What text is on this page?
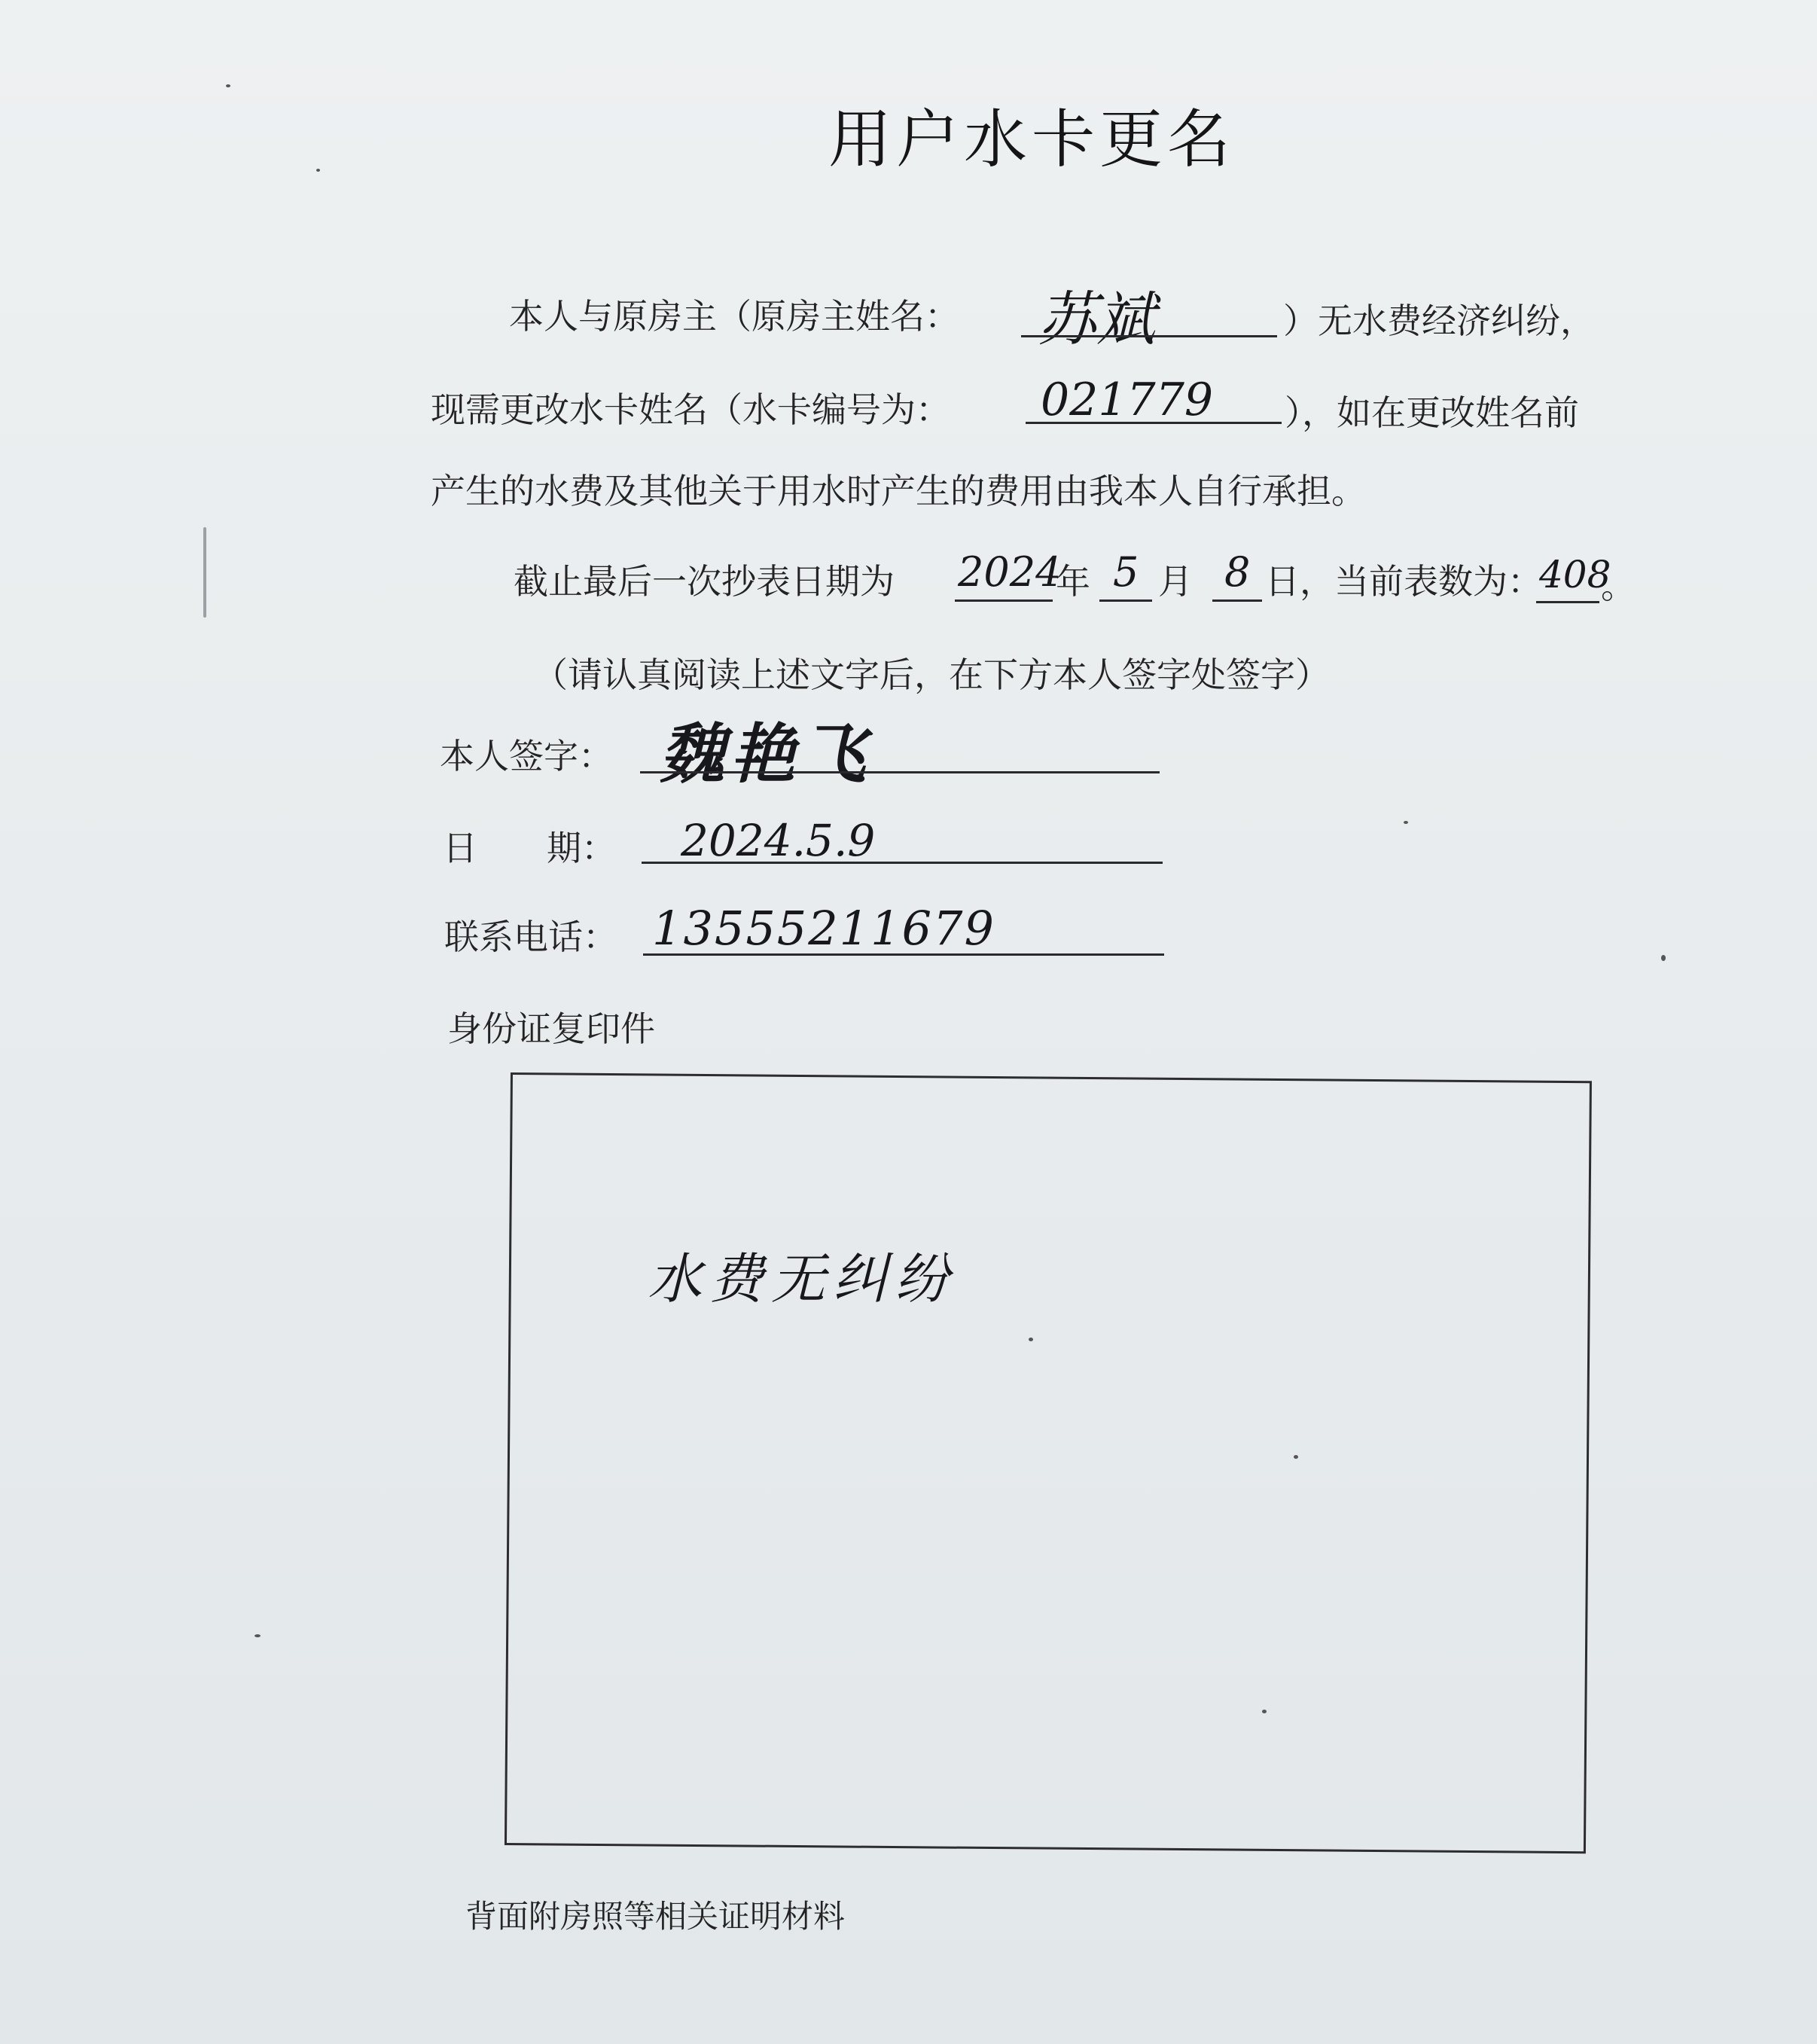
用户水卡更名
本人与原房主（原房主姓名： 苏斌	）无水费经济纠纷，
现需更改水卡姓名（水卡编号为： 021779 ），如在更改姓名前
产生的水费及其他关于用水时产生的费用由我本人自行承担。
截止最后一次抄表日期为 2024
年 5 月 8 日，当前表数为：
408
。
（请认真阅读上述文字后，在下方本人签字处签字）
本人签字： 魏艳飞
日　　期： 2024.5.9
联系电话： 13555211679
身份证复印件
水费无纠纷
背面附房照等相关证明材料
